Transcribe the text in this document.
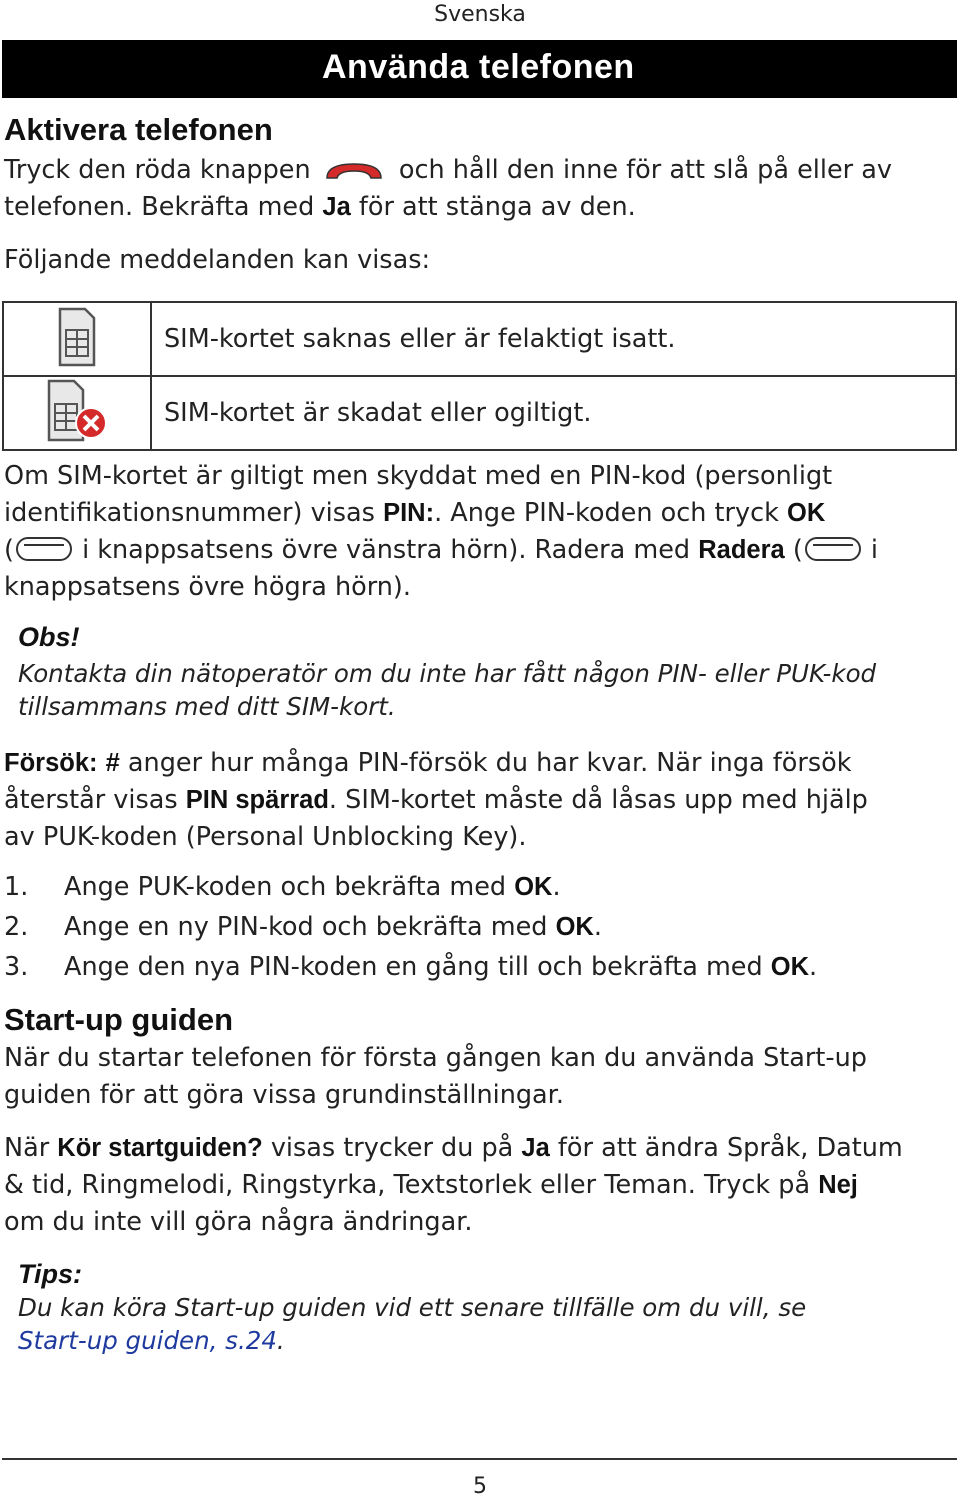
Svenska
Använda telefonen
Aktivera telefonen
Tryck den röda knappen	och håll den inne för att slå på eller av
telefonen. Bekräfta med Ja för att stänga av den.
Följande meddelanden kan visas:
	SIM-kortet saknas eller är felaktigt isatt.
	SIM-kortet är skadat eller ogiltigt.
Om SIM-kortet är giltigt men skyddat med en PIN-kod (personligt
identifikationsnummer) visas PIN:. Ange PIN-koden och tryck OK
(	i knappsatsens övre vänstra hörn). Radera med Radera (	i
knappsatsens övre högra hörn).
Obs!
Kontakta din nätoperatör om du inte har fått någon PIN- eller PUK-kod
tillsammans med ditt SIM-kort.
Försök: # anger hur många PIN-försök du har kvar. När inga försök
återstår visas PIN spärrad. SIM-kortet måste då låsas upp med hjälp
av PUK-koden (Personal Unblocking Key).
1. Ange PUK-koden och bekräfta med OK.
2. Ange en ny PIN-kod och bekräfta med OK.
3. Ange den nya PIN-koden en gång till och bekräfta med OK.
Start-up guiden
När du startar telefonen för första gången kan du använda Start-up
guiden för att göra vissa grundinställningar.
När Kör startguiden? visas trycker du på Ja för att ändra Språk, Datum
& tid, Ringmelodi, Ringstyrka, Textstorlek eller Teman. Tryck på Nej
om du inte vill göra några ändringar.
Tips:
Du kan köra Start-up guiden vid ett senare tillfälle om du vill, se
Start-up guiden, s.24.
5
